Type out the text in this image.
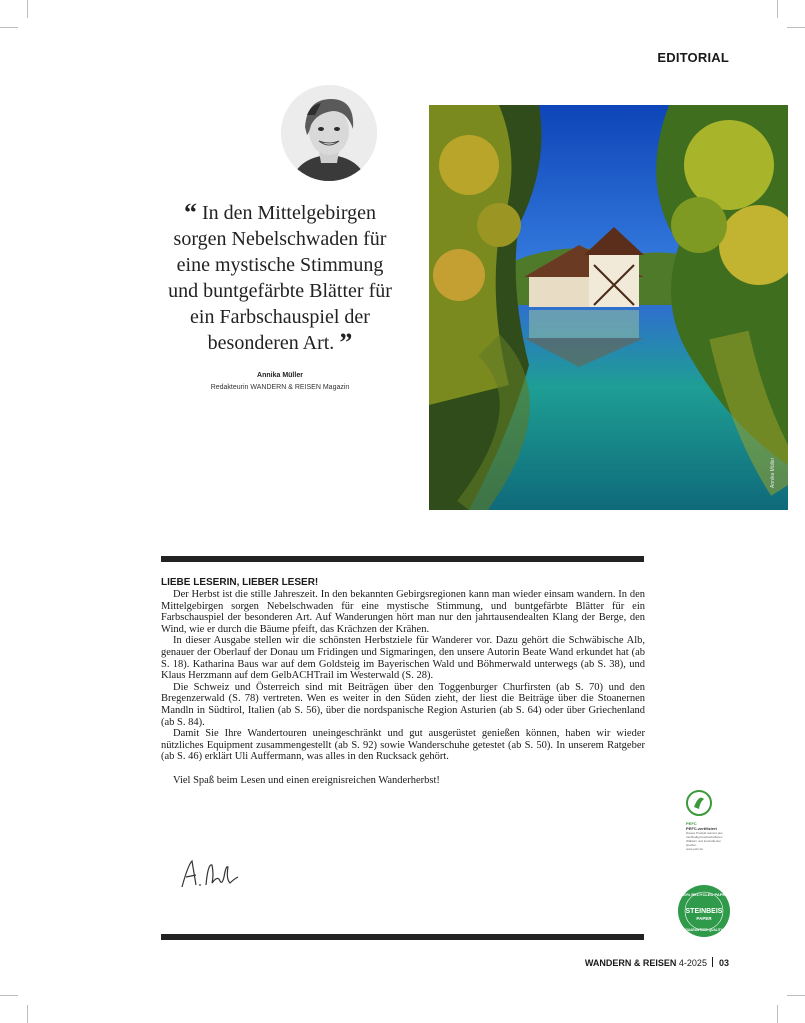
EDITORIAL
“ In den Mittelgebirgen sorgen Nebelschwaden für eine mystische Stimmung und buntgefärbte Blätter für ein Farbschauspiel der besonderen Art. ”
Annika Müller
Redakteurin WANDERN & REISEN Magazin
Annika Müller
LIEBE LESERIN, LIEBER LESER!

Der Herbst ist die stille Jahreszeit. In den bekannten Gebirgsregionen kann man wieder einsam wandern. In den Mittelgebirgen sorgen Nebelschwaden für eine mystische Stimmung, und buntgefärbte Blätter für ein Farbschauspiel der besonderen Art. Auf Wanderungen hört man nur den jahrtausendealten Klang der Berge, den Wind, wie er durch die Bäume pfeift, das Krächzen der Krähen.

In dieser Ausgabe stellen wir die schönsten Herbstziele für Wanderer vor. Dazu gehört die Schwäbische Alb, genauer der Oberlauf der Donau um Fridingen und Sigmaringen, den unsere Autorin Beate Wand erkundet hat (ab S. 18). Katharina Baus war auf dem Goldsteig im Bayerischen Wald und Böhmerwald unterwegs (ab S. 38), und Klaus Herzmann auf dem GelbACHTrail im Westerwald (S. 28).

Die Schweiz und Österreich sind mit Beiträgen über den Toggenburger Churfirsten (ab S. 70) und den Bregenzerwald (S. 78) vertreten. Wen es weiter in den Süden zieht, der liest die Beiträge über die Stoanernen Mandln in Südtirol, Italien (ab S. 56), über die nordspanische Region Asturien (ab S. 64) oder über Griechenland (ab S. 84).

Damit Sie Ihre Wandertouren uneingeschränkt und gut ausgerüstet genießen können, haben wir wieder nützliches Equipment zusammengestellt (ab S. 92) sowie Wanderschuhe getestet (ab S. 50). In unserem Ratgeber (ab S. 46) erklärt Uli Auffermann, was alles in den Rucksack gehört.

Viel Spaß beim Lesen und einen ereignisreichen Wanderherbst!

PEFC
PEFC-zertifiziert
Dieses Produkt stammt aus nachhaltig bewirtschafteten Wäldern und kontrollierten Quellen
www.pefc.de
100% RECYCLED PAPER
STEINBEIS
PAPER
GUARANTEED QUALITY
WANDERN & REISEN 4-2025 03
